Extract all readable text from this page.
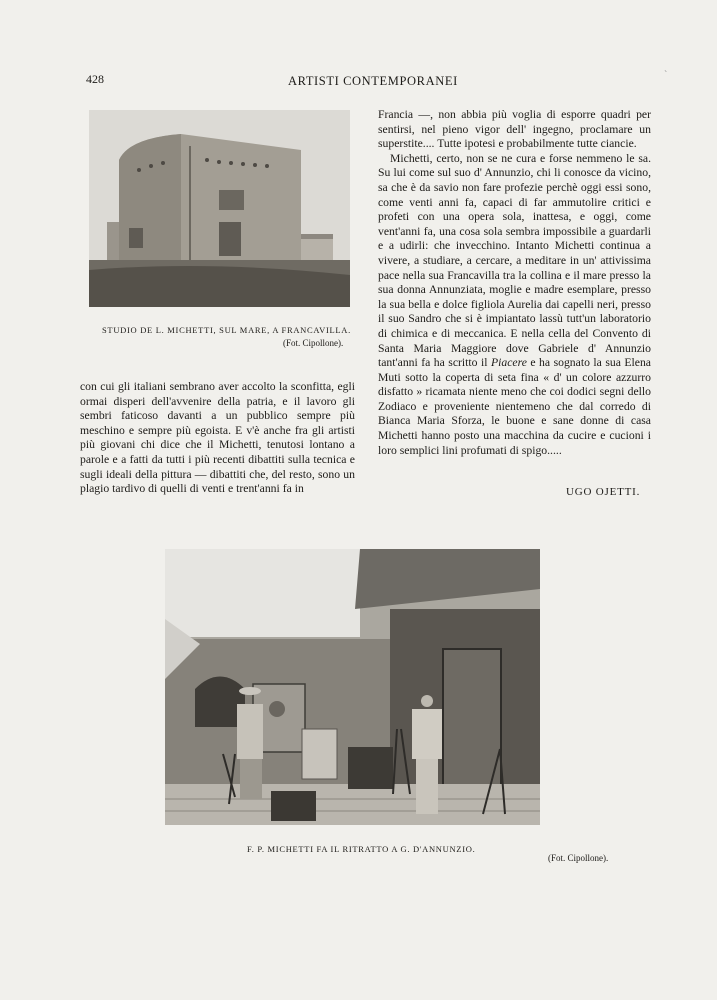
428	ARTISTI CONTEMPORANEI	`
STUDIO DE L. MICHETTI, SUL MARE, A FRANCAVILLA.
(Fot. Cipollone).

Francia —, non abbia più voglia di esporre quadri per sentirsi, nel pieno vigor dell' ingegno, proclamare un superstite.... Tutte ipotesi e probabilmente tutte ciancie.

Michetti, certo, non se ne cura e forse nemmeno le sa. Su lui come sul suo d' Annunzio, chi li conosce da vicino, sa che è da savio non fare profezie perchè oggi essi sono, come venti anni fa, capaci di far ammutolire critici e profeti con una opera sola, inattesa, e oggi, come vent'anni fa, una cosa sola sembra impossibile a guardarli e a udirli: che invecchino. Intanto Michetti continua a vivere, a studiare, a cercare, a meditare in un' attivissima pace nella sua Francavilla tra la collina e il mare presso la sua donna Annunziata, moglie e madre esemplare, presso la sua bella e dolce figliola Aurelia dai capelli neri, presso il suo Sandro che si è impiantato lassù tutt'un laboratorio di chimica e di meccanica. E nella cella del Convento di Santa Maria Maggiore dove Gabriele d' Annunzio tant'anni fa ha scritto il Piacere e ha sognato la sua Elena Muti sotto la coperta di seta fina « d' un colore azzurro disfatto » ricamata niente meno che coi dodici segni dello Zodiaco e proveniente nientemeno che dal corredo di Bianca Maria Sforza, le buone e sane donne di casa Michetti hanno posto una macchina da cucire e cucioni i loro semplici lini profumati di spigo.....

con cui gli italiani sembrano aver accolto la sconfitta, egli ormai disperi dell'avvenire della patria, e il lavoro gli sembri faticoso davanti a un pubblico sempre più meschino e sempre più egoista. E v'è anche fra gli artisti più giovani chi dice che il Michetti, tenutosi lontano a parole e a fatti da tutti i più recenti dibattiti sulla tecnica e sugli ideali della pittura — dibattiti che, del resto, sono un plagio tardivo di quelli di venti e trent'anni fa in	UGO OJETTI.
F. P. MICHETTI FA IL RITRATTO A G. D'ANNUNZIO.
(Fot. Cipollone).
